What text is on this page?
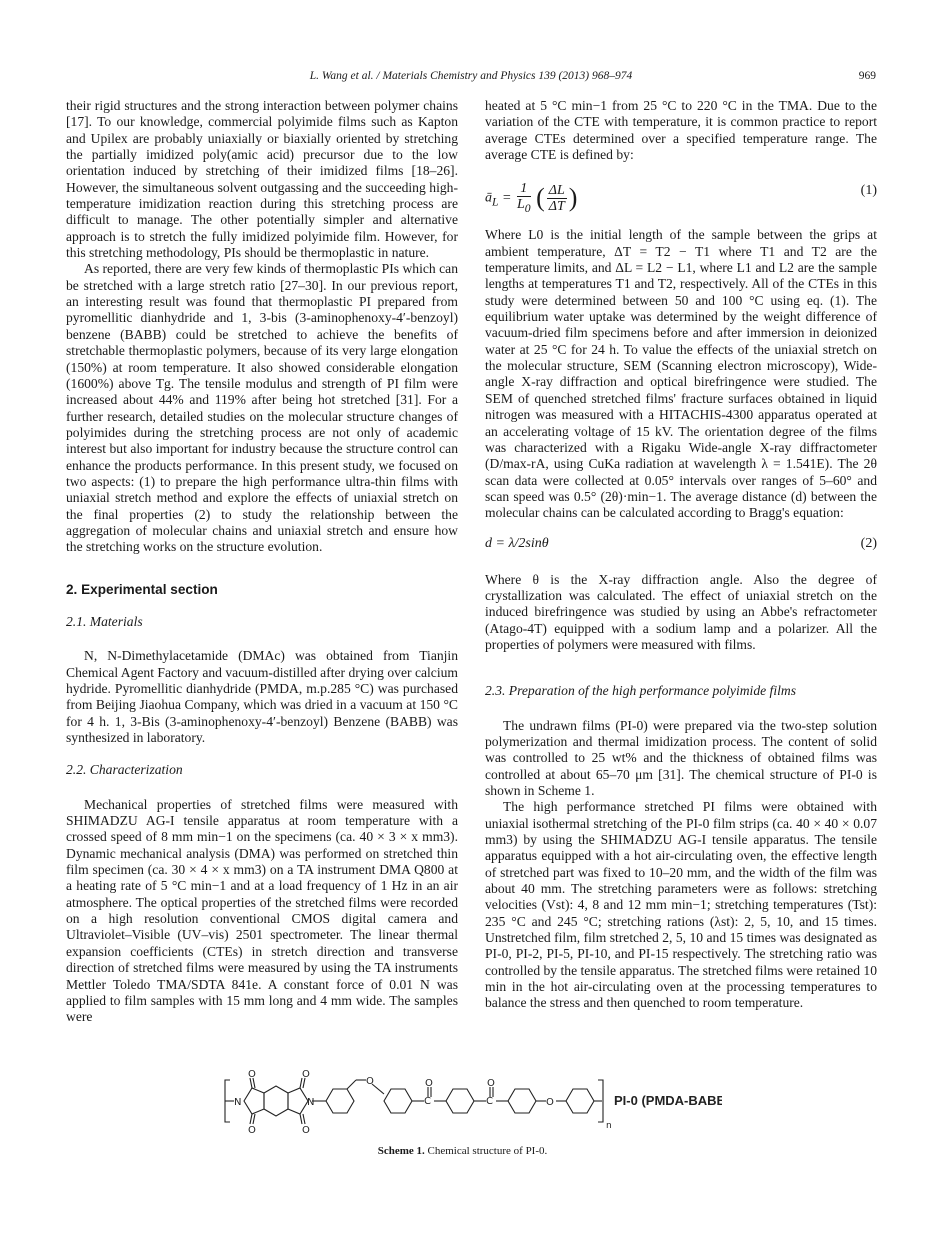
L. Wang et al. / Materials Chemistry and Physics 139 (2013) 968–974	969

their rigid structures and the strong interaction between polymer chains [17]. To our knowledge, commercial polyimide films such as Kapton and Upilex are probably uniaxially or biaxially oriented by stretching the partially imidized poly(amic acid) precursor due to the low orientation induced by stretching of their imidized films [18–26]. However, the simultaneous solvent outgassing and the succeeding high-temperature imidization reaction during this stretching process are difficult to manage. The other potentially simpler and alternative approach is to stretch the fully imidized polyimide film. However, for this stretching methodology, PIs should be thermoplastic in nature.

As reported, there are very few kinds of thermoplastic PIs which can be stretched with a large stretch ratio [27–30]. In our previous report, an interesting result was found that thermoplastic PI prepared from pyromellitic dianhydride and 1, 3-bis (3-aminophenoxy-4′-benzoyl) benzene (BABB) could be stretched to achieve the benefits of stretchable thermoplastic polymers, because of its very large elongation (150%) at room temperature. It also showed considerable elongation (1600%) above Tg. The tensile modulus and strength of PI film were increased about 44% and 119% after being hot stretched [31]. For a further research, detailed studies on the molecular structure changes of polyimides during the stretching process are not only of academic interest but also important for industry because the structure control can enhance the products performance. In this present study, we focused on two aspects: (1) to prepare the high performance ultra-thin films with uniaxial stretch method and explore the effects of uniaxial stretch on the final properties (2) to study the relationship between the aggregation of molecular chains and uniaxial stretch and ensure how the stretching works on the structure evolution.

2. Experimental section
2.1. Materials

N, N-Dimethylacetamide (DMAc) was obtained from Tianjin Chemical Agent Factory and vacuum-distilled after drying over calcium hydride. Pyromellitic dianhydride (PMDA, m.p.285 °C) was purchased from Beijing Jiaohua Company, which was dried in a vacuum at 150 °C for 4 h. 1, 3-Bis (3-aminophenoxy-4′-benzoyl) Benzene (BABB) was synthesized in laboratory.

2.2. Characterization

Mechanical properties of stretched films were measured with SHIMADZU AG-I tensile apparatus at room temperature with a crossed speed of 8 mm min−1 on the specimens (ca. 40 × 3 × x mm3). Dynamic mechanical analysis (DMA) was performed on stretched thin film specimen (ca. 30 × 4 × x mm3) on a TA instrument DMA Q800 at a heating rate of 5 °C min−1 and at a load frequency of 1 Hz in an air atmosphere. The optical properties of the stretched films were recorded on a high resolution conventional CMOS digital camera and Ultraviolet–Visible (UV–vis) 2501 spectrometer. The linear thermal expansion coefficients (CTEs) in stretch direction and transverse direction of stretched films were measured by using the TA instruments Mettler Toledo TMA/SDTA 841e. A constant force of 0.01 N was applied to film samples with 15 mm long and 4 mm wide. The samples were

heated at 5 °C min−1 from 25 °C to 220 °C in the TMA. Due to the variation of the CTE with temperature, it is common practice to report average CTEs determined over a specified temperature range. The average CTE is defined by:

$ā_L = \frac{1}{L_0}$ ( $\frac{\Delta L}{\Delta T}$ )	(1)

Where L0 is the initial length of the sample between the grips at ambient temperature, ΔT = T2 − T1 where T1 and T2 are the temperature limits, and ΔL = L2 − L1, where L1 and L2 are the sample lengths at temperatures T1 and T2, respectively. All of the CTEs in this study were determined between 50 and 100 °C using eq. (1). The equilibrium water uptake was determined by the weight difference of vacuum-dried film specimens before and after immersion in deionized water at 25 °C for 24 h. To value the effects of the uniaxial stretch on the molecular structure, SEM (Scanning electron microscopy), Wide-angle X-ray diffraction and optical birefringence were studied. The SEM of quenched stretched films' fracture surfaces obtained in liquid nitrogen was measured with a HITACHIS-4300 apparatus operated at an accelerating voltage of 15 kV. The orientation degree of the films was characterized with a Rigaku Wide-angle X-ray diffractometer (D/max-rA, using CuKa radiation at wavelength λ = 1.541E). The 2θ scan data were collected at 0.05° intervals over ranges of 5–60° and scan speed was 0.5° (2θ)·min−1. The average distance (d) between the molecular chains can be calculated according to Bragg's equation:

d = λ/2sinθ	(2)

Where θ is the X-ray diffraction angle. Also the degree of crystallization was calculated. The effect of uniaxial stretch on the induced birefringence was studied by using an Abbe's refractometer (Atago-4T) equipped with a sodium lamp and a polarizer. All the properties of polymers were measured with films.

2.3. Preparation of the high performance polyimide films

The undrawn films (PI-0) were prepared via the two-step solution polymerization and thermal imidization process. The content of solid was controlled to 25 wt% and the thickness of obtained films was controlled at about 65–70 μm [31]. The chemical structure of PI-0 is shown in Scheme 1.

The high performance stretched PI films were obtained with uniaxial isothermal stretching of the PI-0 film strips (ca. 40 × 40 × 0.07 mm3) by using the SHIMADZU AG-I tensile apparatus. The tensile apparatus equipped with a hot air-circulating oven, the effective length of stretched part was fixed to 10–20 mm, and the width of the film was about 40 mm. The stretching parameters were as follows: stretching velocities (Vst): 4, 8 and 12 mm min−1; stretching temperatures (Tst): 235 °C and 245 °C; stretching rations (λst): 2, 5, 10, and 15 times. Unstretched film, film stretched 2, 5, 10 and 15 times was designated as PI-0, PI-2, PI-5, PI-10, and PI-15 respectively. The stretching ratio was controlled by the tensile apparatus. The stretched films were retained 10 min in the hot air-circulating oven at the processing temperatures to balance the stress and then quenched to room temperature.

N
O
O
O
O
N
O
C
O
C
O
O
n
PI-0 (PMDA-BABB)
Scheme 1. Chemical structure of PI-0.
